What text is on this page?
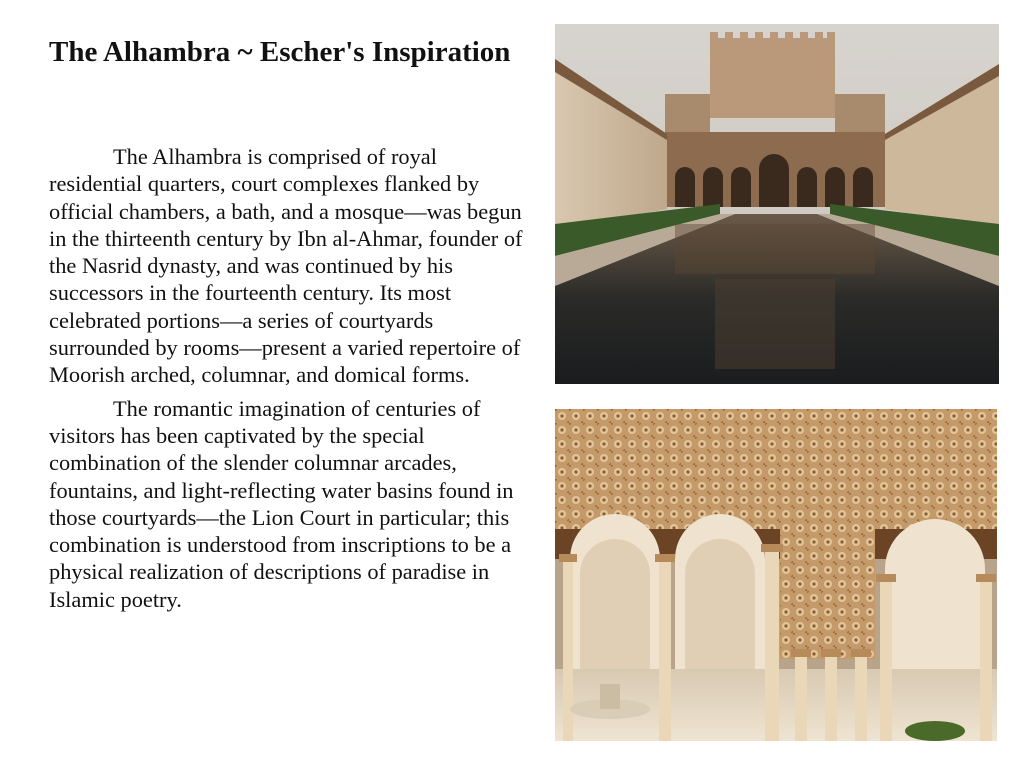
The Alhambra ~ Escher's Inspiration

The Alhambra is comprised of royal residential quarters, court complexes flanked by official chambers, a bath, and a mosque—was begun in the thirteenth century by Ibn al-Ahmar, founder of the Nasrid dynasty, and was continued by his successors in the fourteenth century. Its most celebrated portions—a series of courtyards surrounded by rooms—present a varied repertoire of Moorish arched, columnar, and domical forms.

The romantic imagination of centuries of visitors has been captivated by the special combination of the slender columnar arcades, fountains, and light-reflecting water basins found in those courtyards—the Lion Court in particular; this combination is understood from inscriptions to be a physical realization of descriptions of paradise in Islamic poetry.
